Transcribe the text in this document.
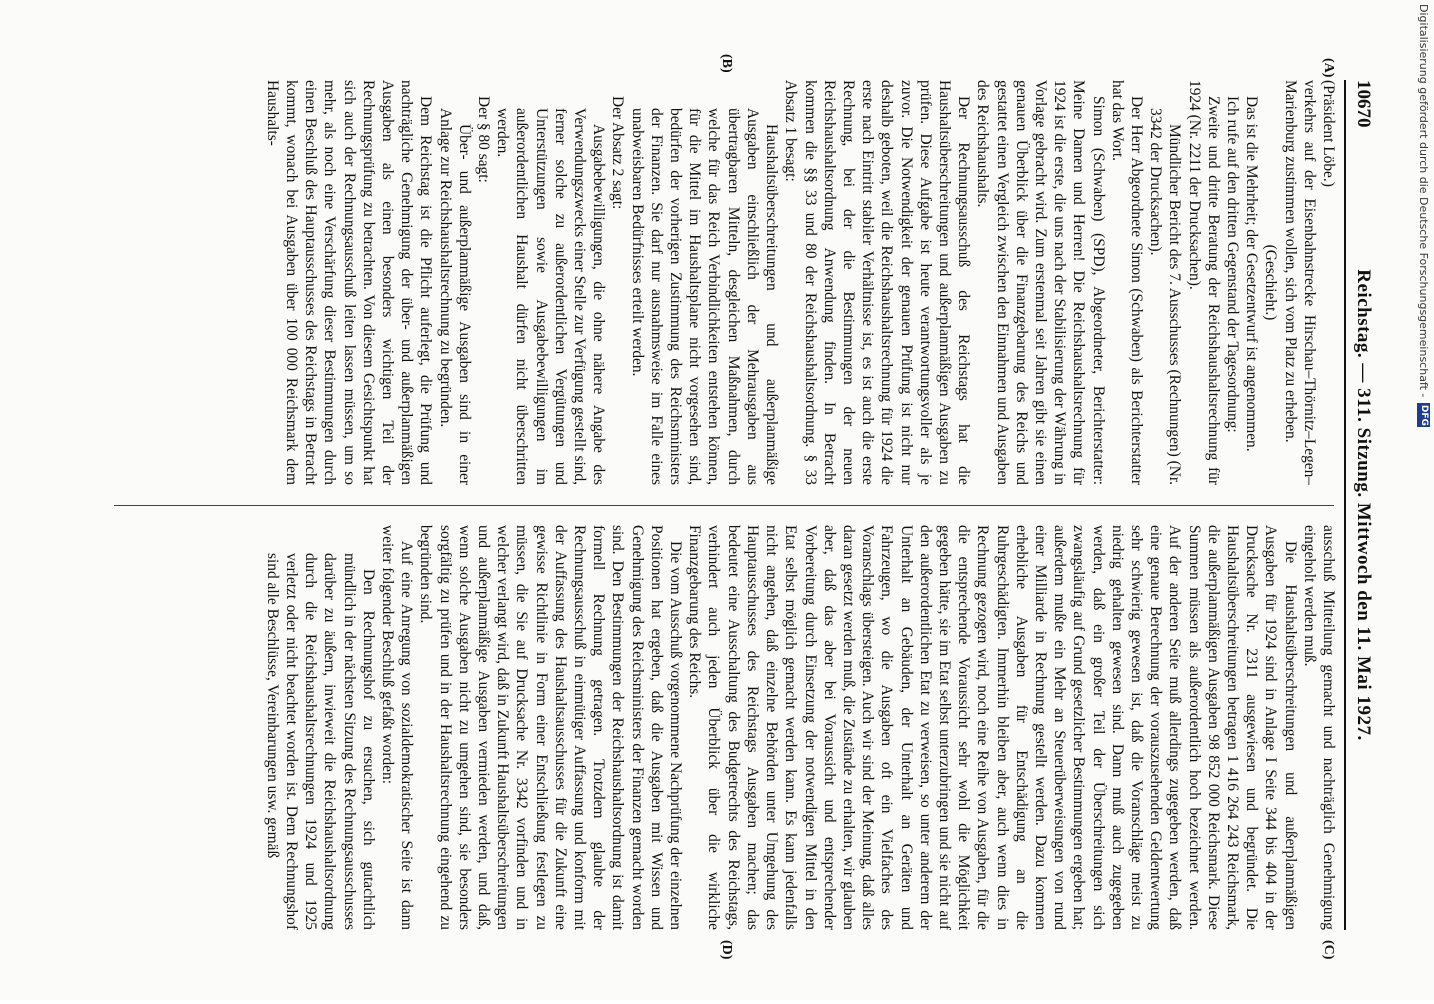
Digitalisierung gefördert durch die Deutsche Forschungsgemeinschaft -
DFG
10670
Reichstag. — 311. Sitzung. Mittwoch den 11. Mai 1927.
(A)
(B)
(C)
(D)

(Präsident Löbe.)

verkehrs auf der Eisenbahnstrecke Hirschau–Thörnitz–Legen–Marienburg zustimmen wollen, sich vom Platz zu erheben.

(Geschieht.)

Das ist die Mehrheit; der Gesetzentwurf ist angenommen.

Ich rufe auf den dritten Gegenstand der Tagesordnung:

Zweite und dritte Beratung der Reichshaushaltsrechnung für 1924 (Nr. 2211 der Drucksachen).

Mündlicher Bericht des 7. Ausschusses (Rechnungen) (Nr. 3342 der Drucksachen).

Der Herr Abgeordnete Simon (Schwaben) als Berichterstatter hat das Wort.

Simon (Schwaben) (SPD), Abgeordneter, Berichterstatter: Meine Damen und Herren! Die Reichshaushaltsrechnung für 1924 ist die erste, die uns nach der Stabilisierung der Währung in Vorlage gebracht wird. Zum erstenmal seit Jahren gibt sie einen genauen Überblick über die Finanzgebarung des Reichs und gestattet einen Vergleich zwischen den Einnahmen und Ausgaben des Reichshaushalts.

Der Rechnungsausschuß des Reichstags hat die Haushaltsüberschreitungen und außerplanmäßigen Ausgaben zu prüfen. Diese Aufgabe ist heute verantwortungsvoller als je zuvor. Die Notwendigkeit der genauen Prüfung ist nicht nur deshalb geboten, weil die Reichshaushaltsrechnung für 1924 die erste nach Eintritt stabiler Verhältnisse ist, es ist auch die erste Rechnung, bei der die Bestimmungen der neuen Reichshaushaltsordnung Anwendung finden. In Betracht kommen die §§ 33 und 80 der Reichshaushaltsordnung. § 33 Absatz 1 besagt:

Haushaltsüberschreitungen und außerplanmäßige Ausgaben einschließlich der Mehrausgaben aus übertragbaren Mitteln, desgleichen Maßnahmen, durch welche für das Reich Verbindlichkeiten entstehen können, für die Mittel im Haushaltsplane nicht vorgesehen sind, bedürfen der vorherigen Zustimmung des Reichsministers der Finanzen. Sie darf nur ausnahmsweise im Falle eines unabweisbaren Bedürfnisses erteilt werden.

Der Absatz 2 sagt:

Ausgabebewilligungen, die ohne nähere Angabe des Verwendungszwecks einer Stelle zur Verfügung gestellt sind, ferner solche zu außerordentlichen Vergütungen und Unterstützungen sowie Ausgabebewilligungen im außerordentlichen Haushalt dürfen nicht überschritten werden.

Der § 80 sagt:

Über- und außerplanmäßige Ausgaben sind in einer Anlage zur Reichshaushaltsrechnung zu begründen.

Dem Reichstag ist die Pflicht auferlegt, die Prüfung und nachträgliche Genehmigung der über- und außerplanmäßigen Ausgaben als einen besonders wichtigen Teil der Rechnungsprüfung zu betrachten. Von diesem Gesichtspunkt hat sich auch der Rechnungsausschuß leiten lassen müssen, um so mehr, als noch eine Verschärfung dieser Bestimmungen durch einen Beschluß des Hauptausschusses des Reichstags in Betracht kommt, wonach bei Ausgaben über 100 000 Reichsmark dem Haushalts-

ausschuß Mitteilung gemacht und nachträglich Genehmigung eingeholt werden muß.

Die Haushaltsüberschreitungen und außerplanmäßigen Ausgaben für 1924 sind in Anlage I Seite 344 bis 404 in der Drucksache Nr. 2311 ausgewiesen und begründet. Die Haushaltsüberschreitungen betragen 1 416 264 243 Reichsmark, die außerplanmäßigen Ausgaben 98 852 000 Reichsmark. Diese Summen müssen als außerordentlich hoch bezeichnet werden. Auf der anderen Seite muß allerdings zugegeben werden, daß eine genaue Berechnung der vorauszusehenden Geldentwertung sehr schwierig gewesen ist, daß die Voranschläge meist zu niedrig gehalten gewesen sind. Dann muß auch zugegeben werden, daß ein großer Teil der Überschreitungen sich zwangsläufig auf Grund gesetzlicher Bestimmungen ergeben hat; außerdem mußte ein Mehr an Steuerüberweisungen von rund einer Milliarde in Rechnung gestellt werden. Dazu kommen erhebliche Ausgaben für Entschädigung an die Ruhrgeschädigten. Immerhin bleiben aber, auch wenn dies in Rechnung gezogen wird, noch eine Reihe von Ausgaben, für die die entsprechende Voraussicht sehr wohl die Möglichkeit gegeben hätte, sie im Etat selbst unterzubringen und sie nicht auf den außerordentlichen Etat zu verweisen, so unter anderem der Unterhalt an Gebäuden, der Unterhalt an Geräten und Fahrzeugen, wo die Ausgaben oft ein Vielfaches des Voranschlags übersteigen. Auch wir sind der Meinung, daß alles daran gesetzt werden muß, die Zustände zu erhalten, wir glauben aber, daß das aber bei Voraussicht und entsprechender Vorbereitung durch Einsetzung der notwendigen Mittel in den Etat selbst möglich gemacht werden kann. Es kann jedenfalls nicht angehen, daß einzelne Behörden unter Umgehung des Hauptausschusses des Reichstags Ausgaben machen; das bedeutet eine Ausschaltung des Budgetrechts des Reichstags, verhindert auch jeden Überblick über die wirkliche Finanzgebarung des Reichs.

Die vom Ausschuß vorgenommene Nachprüfung der einzelnen Positionen hat ergeben, daß die Ausgaben mit Wissen und Genehmigung des Reichsministers der Finanzen gemacht worden sind. Den Bestimmungen der Reichshaushaltsordnung ist damit formell Rechnung getragen. Trotzdem glaubte der Rechnungsausschuß in einmütiger Auffassung und konform mit der Auffassung des Haushaltsausschusses für die Zukunft eine gewisse Richtlinie in Form einer Entschließung festlegen zu müssen, die Sie auf Drucksache Nr. 3342 vorfinden und in welcher verlangt wird, daß in Zukunft Haushaltsüberschreitungen und außerplanmäßige Ausgaben vermieden werden, und daß, wenn solche Ausgaben nicht zu umgehen sind, sie besonders sorgfältig zu prüfen und in der Haushaltsrechnung eingehend zu begründen sind.

Auf eine Anregung von sozialdemokratischer Seite ist dann weiter folgender Beschluß gefaßt worden:

Den Rechnungshof zu ersuchen, sich gutachtlich mündlich in der nächsten Sitzung des Rechnungsausschusses darüber zu äußern, inwieweit die Reichshaushaltsordnung durch die Reichshaushaltsrechnungen 1924 und 1925 verletzt oder nicht beachtet worden ist. Dem Rechnungshof sind alle Beschlüsse, Vereinbarungen usw. gemäß
